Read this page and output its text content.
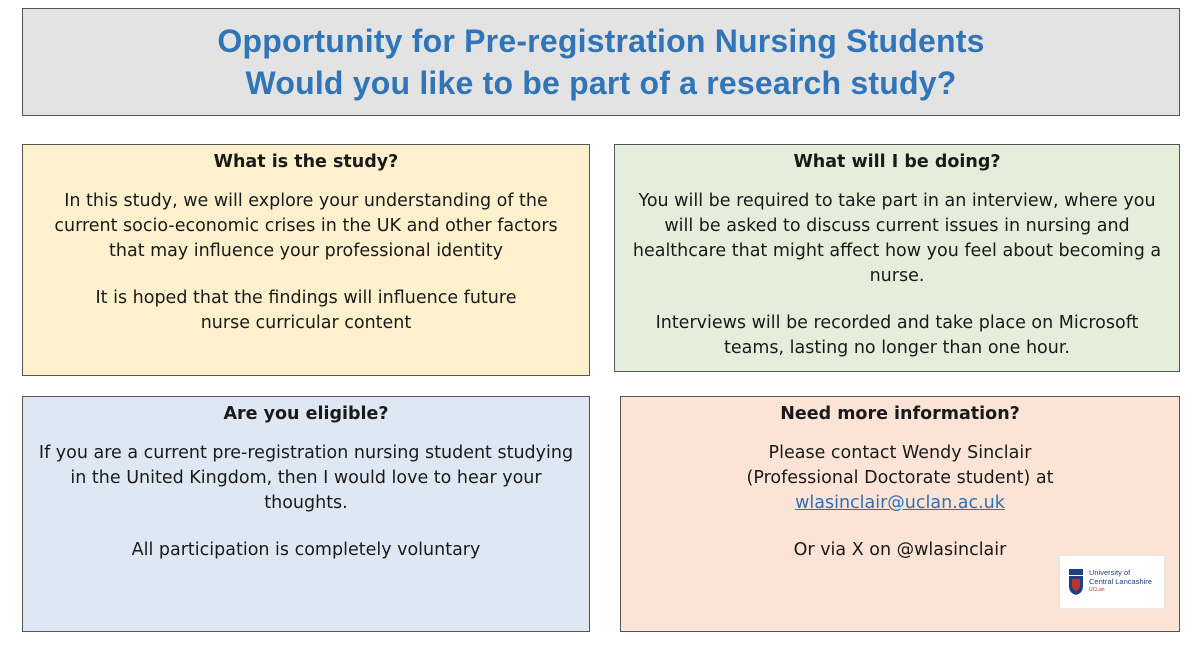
Opportunity for Pre-registration Nursing Students
Would you like to be part of a research study?
What is the study?

In this study, we will explore your understanding of the current socio-economic crises in the UK and other factors that may influence your professional identity

It is hoped that the findings will influence future nurse curricular content

What will I be doing?

You will be required to take part in an interview, where you will be asked to discuss current issues in nursing and healthcare that might affect how you feel about becoming a nurse.

Interviews will be recorded and take place on Microsoft teams, lasting no longer than one hour.

Are you eligible?

If you are a current pre-registration nursing student studying in the United Kingdom, then I would love to hear your thoughts.

All participation is completely voluntary

Need more information?

Please contact Wendy Sinclair

(Professional Doctorate student) at

wlasinclair@uclan.ac.uk

Or via X on @wlasinclair

University of
Central Lancashire
UCLan
